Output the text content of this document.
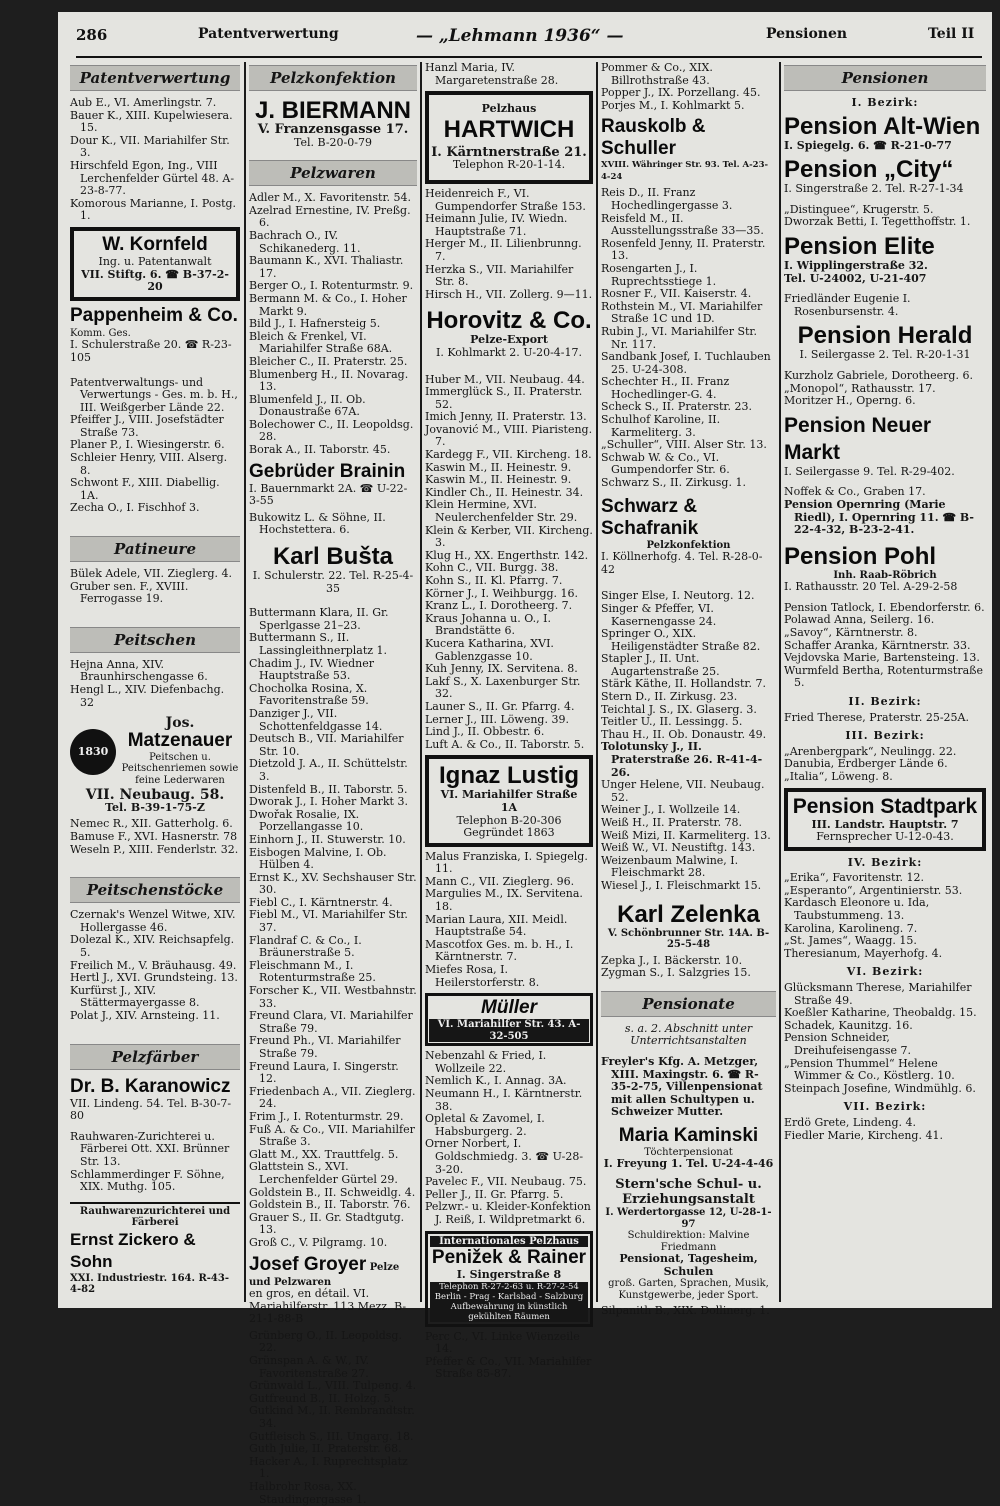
286	Patentverwertung	— „Lehmann 1936“ —	Pensionen	Teil II
Patentverwertung

Aub E., VI. Amerlingstr. 7.

Bauer K., XIII. Kupelwiesera. 15.

Dour K., VII. Mariahilfer Str. 3.

Hirschfeld Egon, Ing., VIII Lerchenfelder Gürtel 48. A-23-8-77.

Komorous Marianne, I. Postg. 1.

W. Kornfeld
Ing. u. Patentanwalt
VII. Stiftg. 6. ☎ B-37-2-20
Pappenheim & Co. Komm. Ges.
I. Schulerstraße 20. ☎ R-23-105

Patentverwaltungs- und Verwertungs - Ges. m. b. H., III. Weißgerber Lände 22.

Pfeiffer J., VIII. Josefstädter Straße 73.

Planer P., I. Wiesingerstr. 6.

Schleier Henry, VIII. Alserg. 8.

Schwont F., XIII. Diabellig. 1A.

Zecha O., I. Fischhof 3.

Patineure

Bülek Adele, VII. Zieglerg. 4.

Gruber sen. F., XVIII. Ferrogasse 19.

Peitschen

Hejna Anna, XIV. Braunhirschengasse 6.

Hengl L., XIV. Diefenbachg. 32

1830
Jos.
Matzenauer
Peitschen u. Peitschenriemen sowie feine Lederwaren
VII. Neubaug. 58.
Tel. B-39-1-75-Z

Nemec R., XII. Gatterholg. 6.

Bamuse F., XVI. Hasnerstr. 78

Weseln P., XIII. Fenderlstr. 32.

Peitschenstöcke

Czernak's Wenzel Witwe, XIV. Hollergasse 46.

Dolezal K., XIV. Reichsapfelg. 5.

Freilich M., V. Bräuhausg. 49.

Hertl J., XVI. Grundsteing. 13.

Kurfürst J., XIV. Stättermayergasse 8.

Polat J., XIV. Arnsteing. 11.

Pelzfärber
Dr. B. Karanowicz
VII. Lindeng. 54. Tel. B-30-7-80

Rauhwaren-Zurichterei u. Färberei Ott. XXI. Brünner Str. 13.

Schlammerdinger F. Söhne, XIX. Muthg. 105.

Rauhwarenzurichterei und Färberei
Ernst Zickero & Sohn
XXI. Industriestr. 164. R-43-4-82
Pelzkonfektion
J. BIERMANN
V. Franzensgasse 17.
Tel. B-20-0-79
Pelzwaren

Adler M., X. Favoritenstr. 54.

Azelrad Ernestine, IV. Preßg. 6.

Bachrach O., IV. Schikanederg. 11.

Baumann K., XVI. Thaliastr. 17.

Berger O., I. Rotenturmstr. 9.

Bermann M. & Co., I. Hoher Markt 9.

Bild J., I. Hafnersteig 5.

Bleich & Frenkel, VI. Mariahilfer Straße 68A.

Bleicher C., II. Praterstr. 25.

Blumenberg H., II. Novarag. 13.

Blumenfeld J., II. Ob. Donaustraße 67A.

Bolechower C., II. Leopoldsg. 28.

Borak A., II. Taborstr. 45.

Gebrüder Brainin
I. Bauernmarkt 2A. ☎ U-22-3-55

Bukowitz L. & Söhne, II. Hochstettera. 6.

Karl Bušta
I. Schulerstr. 22. Tel. R-25-4-35

Buttermann Klara, II. Gr. Sperlgasse 21–23.

Buttermann S., II. Lassingleithnerplatz 1.

Chadim J., IV. Wiedner Hauptstraße 53.

Chocholka Rosina, X. Favoritenstraße 59.

Danziger J., VII. Schottenfeldgasse 14.

Deutsch B., VII. Mariahilfer Str. 10.

Dietzold J. A., II. Schüttelstr. 3.

Distenfeld B., II. Taborstr. 5.

Dworak J., I. Hoher Markt 3.

Dwořak Rosalie, IX. Porzellangasse 10.

Einhorn J., II. Stuwerstr. 10.

Eisbogen Malvine, I. Ob. Hülben 4.

Ernst K., XV. Sechshauser Str. 30.

Fiebl C., I. Kärntnerstr. 4.

Fiebl M., VI. Mariahilfer Str. 37.

Flandraf C. & Co., I. Bräunerstraße 5.

Fleischmann M., I. Rotenturmstraße 25.

Forscher K., VII. Westbahnstr. 33.

Freund Clara, VI. Mariahilfer Straße 79.

Freund Ph., VI. Mariahilfer Straße 79.

Freund Laura, I. Singerstr. 12.

Friedenbach A., VII. Zieglerg. 24.

Frim J., I. Rotenturmstr. 29.

Fuß A. & Co., VII. Mariahilfer Straße 3.

Glatt M., XX. Trauttfelg. 5.

Glattstein S., XVI. Lerchenfelder Gürtel 29.

Goldstein B., II. Schweidlg. 4.

Goldstein B., II. Taborstr. 76.

Grauer S., II. Gr. Stadtgutg. 13.

Groß C., V. Pilgramg. 10.

Josef Groyer Pelze und Pelzwaren
en gros, en détail. VI. Mariahilferstr. 113 Mezz. B-21-1-88-B

Grünberg O., II. Leopoldsg. 22.

Grünspan A. & W., IV. Favoritenstraße 27.

Grünwald L., VIII. Tulpeng. 4.

Gutfreund B., II. Holzg. 5.

Gutkind M., II. Rembrandtstr. 34.

Gutfleisch S., III. Ungarg. 18.

Guth Julie, II. Praterstr. 68.

Hacker A., I. Ruprechtsplatz 1.

Halbrohr Rosa, XX. Staudingergasse 1.

Hanzl Maria, IV. Margaretenstraße 28.

Pelzhaus
HARTWICH
I. Kärntnerstraße 21.
Telephon R-20-1-14.

Heidenreich F., VI. Gumpendorfer Straße 153.

Heimann Julie, IV. Wiedn. Hauptstraße 71.

Herger M., II. Lilienbrunng. 7.

Herzka S., VII. Mariahilfer Str. 8.

Hirsch H., VII. Zollerg. 9—11.

Horovitz & Co.
Pelze-Export
I. Kohlmarkt 2. U-20-4-17.

Huber M., VII. Neubaug. 44.

Immerglück S., II. Praterstr. 52.

Imich Jenny, II. Praterstr. 13.

Jovanović M., VIII. Piaristeng. 7.

Kardegg F., VII. Kircheng. 18.

Kaswin M., II. Heinestr. 9.

Kaswin M., II. Heinestr. 9.

Kindler Ch., II. Heinestr. 34.

Klein Hermine, XVI. Neulerchenfelder Str. 29.

Klein & Kerber, VII. Kircheng. 3.

Klug H., XX. Engerthstr. 142.

Kohn C., VII. Burgg. 38.

Kohn S., II. Kl. Pfarrg. 7.

Körner J., I. Weihburgg. 16.

Kranz L., I. Dorotheerg. 7.

Kraus Johanna u. O., I. Brandstätte 6.

Kucera Katharina, XVI. Gablenzgasse 10.

Kuh Jenny, IX. Servitena. 8.

Lakf S., X. Laxenburger Str. 32.

Launer S., II. Gr. Pfarrg. 4.

Lerner J., III. Löweng. 39.

Lind J., II. Obbestr. 6.

Luft A. & Co., II. Taborstr. 5.

Ignaz Lustig
VI. Mariahilfer Straße 1A
Telephon B-20-306
Gegründet 1863

Malus Franziska, I. Spiegelg. 11.

Mann C., VII. Zieglerg. 96.

Margulies M., IX. Servitena. 18.

Marian Laura, XII. Meidl. Hauptstraße 54.

Mascotfox Ges. m. b. H., I. Kärntnerstr. 7.

Miefes Rosa, I. Heilerstorferstr. 8.

Müller
VI. Mariahilfer Str. 43. A-32-505

Nebenzahl & Fried, I. Wollzeile 22.

Nemlich K., I. Annag. 3A.

Neumann H., I. Kärntnerstr. 38.

Opletal & Zavomel, I. Habsburgerg. 2.

Orner Norbert, I. Goldschmiedg. 3. ☎ U-28-3-20.

Pavelec F., VII. Neubaug. 75.

Peller J., II. Gr. Pfarrg. 5.

Pelzwr.- u. Kleider-Konfektion J. Reiß, I. Wildpretmarkt 6.

Internationales Pelzhaus
Penižek & Rainer
I. Singerstraße 8
Telephon R-27-2-63 u. R-27-2-54
Berlin - Prag - Karlsbad - Salzburg
Aufbewahrung in künstlich gekühlten Räumen

Perc C., VI. Linke Wienzeile 14.

Pfeffer & Co., VII. Mariahilfer Straße 85-87.

Pommer & Co., XIX. Billrothstraße 43.

Popper J., IX. Porzellang. 45.

Porjes M., I. Kohlmarkt 5.

Rauskolb & Schuller
XVIII. Währinger Str. 93. Tel. A-23-4-24

Reis D., II. Franz Hochedlingergasse 3.

Reisfeld M., II. Ausstellungsstraße 33—35.

Rosenfeld Jenny, II. Praterstr. 13.

Rosengarten J., I. Ruprechtsstiege 1.

Rosner F., VII. Kaiserstr. 4.

Rothstein M., VI. Mariahilfer Straße 1C und 1D.

Rubin J., VI. Mariahilfer Str. Nr. 117.

Sandbank Josef, I. Tuchlauben 25. U-24-308.

Schechter H., II. Franz Hochedlinger-G. 4.

Scheck S., II. Praterstr. 23.

Schulhof Karoline, II. Karmeliterg. 3.

„Schuller“, VIII. Alser Str. 13.

Schwab W. & Co., VI. Gumpendorfer Str. 6.

Schwarz S., II. Zirkusg. 1.

Schwarz & Schafranik
Pelzkonfektion
I. Köllnerhofg. 4. Tel. R-28-0-42

Singer Else, I. Neutorg. 12.

Singer & Pfeffer, VI. Kasernengasse 24.

Springer O., XIX. Heiligenstädter Straße 82.

Stapler J., II. Unt. Augartenstraße 25.

Stärk Käthe, II. Hollandstr. 7.

Stern D., II. Zirkusg. 23.

Teichtal J. S., IX. Glaserg. 3.

Teitler U., II. Lessingg. 5.

Thau H., II. Ob. Donaustr. 49.

Tolotunsky J., II. Praterstraße 26. R-41-4-26.

Unger Helene, VII. Neubaug. 52.

Weiner J., I. Wollzeile 14.

Weiß H., II. Praterstr. 78.

Weiß Mizi, II. Karmeliterg. 13.

Weiß W., VI. Neustiftg. 143.

Weizenbaum Malwine, I. Fleischmarkt 28.

Wiesel J., I. Fleischmarkt 15.

Karl Zelenka
V. Schönbrunner Str. 14A. B-25-5-48

Zepka J., I. Bäckerstr. 10.

Zygman S., I. Salzgries 15.

Pensionate
s. a. 2. Abschnitt unter Unterrichtsanstalten

Freyler's Kfg. A. Metzger, XIII. Maxingstr. 6. ☎ R-35-2-75, Villenpensionat mit allen Schultypen u. Schweizer Mutter.

Maria Kaminski
Töchterpensionat
I. Freyung 1. Tel. U-24-4-46
Stern'sche Schul- u. Erziehungsanstalt
I. Werdertorgasse 12, U-28-1-97
Schuldirektion: Malvine Friedmann
Pensionat, Tagesheim, Schulen
groß. Garten, Sprachen, Musik, Kunstgewerbe, jeder Sport.

Silpanith B., XIX. Dollinerg. 1.

Pensionen
I. Bezirk:
Pension Alt-Wien
I. Spiegelg. 6. ☎ R-21-0-77
Pension „City“
I. Singerstraße 2. Tel. R-27-1-34

„Distinguee“, Krugerstr. 5.

Dworzak Betti, I. Tegetthoffstr. 1.

Pension Elite
I. Wipplingerstraße 32.
Tel. U-24002, U-21-407

Friedländer Eugenie I. Rosenbursenstr. 4.

Pension Herald
I. Seilergasse 2. Tel. R-20-1-31

Kurzholz Gabriele, Dorotheerg. 6.

„Monopol“, Rathausstr. 17.

Moritzer H., Operng. 6.

Pension Neuer Markt
I. Seilergasse 9. Tel. R-29-402.

Noffek & Co., Graben 17.

Pension Opernring (Marie Riedl), I. Opernring 11. ☎ B-22-4-32, B-23-2-41.

Pension Pohl
Inh. Raab-Röbrich
I. Rathausstr. 20 Tel. A-29-2-58

Pension Tatlock, I. Ebendorferstr. 6.

Polawad Anna, Seilerg. 16.

„Savoy“, Kärntnerstr. 8.

Schaffer Aranka, Kärntnerstr. 33.

Vejdovska Marie, Bartensteing. 13.

Wurmfeld Bertha, Rotenturmstraße 5.

II. Bezirk:

Fried Therese, Praterstr. 25-25A.

III. Bezirk:

„Arenbergpark“, Neulingg. 22.

Danubia, Erdberger Lände 6.

„Italia“, Löweng. 8.

Pension Stadtpark
III. Landstr. Hauptstr. 7
Fernsprecher U-12-0-43.
IV. Bezirk:

„Erika“, Favoritenstr. 12.

„Esperanto“, Argentinierstr. 53.

Kardasch Eleonore u. Ida, Taubstummeng. 13.

Karolina, Karolineng. 7.

„St. James“, Waagg. 15.

Theresianum, Mayerhofg. 4.

VI. Bezirk:

Glücksmann Therese, Mariahilfer Straße 49.

Koeßler Katharine, Theobaldg. 15.

Schadek, Kaunitzg. 16.

Pension Schneider, Dreihufeisengasse 7.

„Pension Thummel“ Helene Wimmer & Co., Köstlerg. 10.

Steinpach Josefine, Windmühlg. 6.

VII. Bezirk:

Erdö Grete, Lindeng. 4.

Fiedler Marie, Kircheng. 41.
